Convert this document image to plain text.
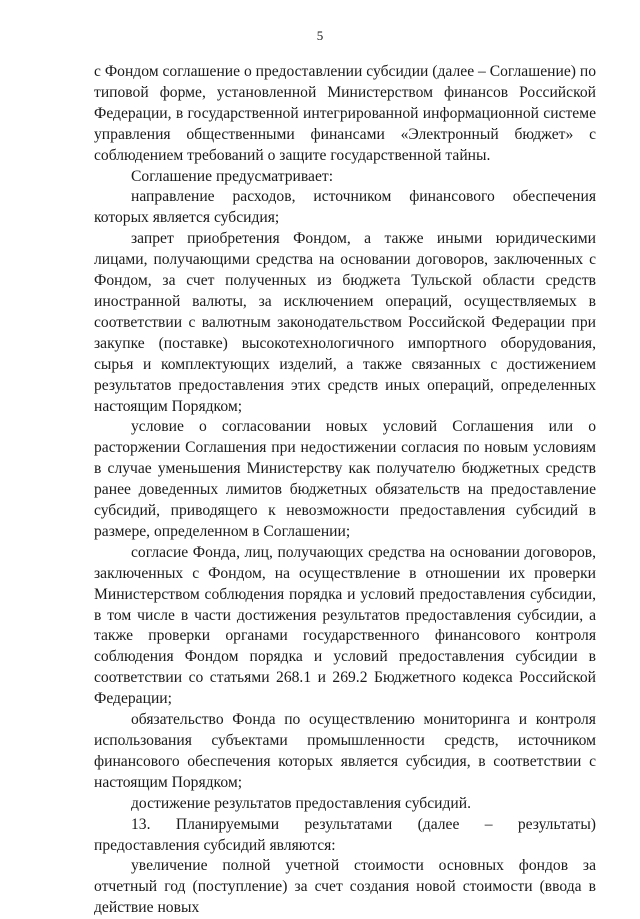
5

с Фондом соглашение о предоставлении субсидии (далее – Соглашение) по типовой форме, установленной Министерством финансов Российской Федерации, в государственной интегрированной информационной системе управления общественными финансами «Электронный бюджет» с соблюдением требований о защите государственной тайны.

Соглашение предусматривает:

направление расходов, источником финансового обеспечения которых является субсидия;

запрет приобретения Фондом, а также иными юридическими лицами, получающими средства на основании договоров, заключенных с Фондом, за счет полученных из бюджета Тульской области средств иностранной валюты, за исключением операций, осуществляемых в соответствии с валютным законодательством Российской Федерации при закупке (поставке) высокотехнологичного импортного оборудования, сырья и комплектующих изделий, а также связанных с достижением результатов предоставления этих средств иных операций, определенных настоящим Порядком;

условие о согласовании новых условий Соглашения или о расторжении Соглашения при недостижении согласия по новым условиям в случае уменьшения Министерству как получателю бюджетных средств ранее доведенных лимитов бюджетных обязательств на предоставление субсидий, приводящего к невозможности предоставления субсидий в размере, определенном в Соглашении;

согласие Фонда, лиц, получающих средства на основании договоров, заключенных с Фондом, на осуществление в отношении их проверки Министерством соблюдения порядка и условий предоставления субсидии, в том числе в части достижения результатов предоставления субсидии, а также проверки органами государственного финансового контроля соблюдения Фондом порядка и условий предоставления субсидии в соответствии со статьями 268.1 и 269.2 Бюджетного кодекса Российской Федерации;

обязательство Фонда по осуществлению мониторинга и контроля использования субъектами промышленности средств, источником финансового обеспечения которых является субсидия, в соответствии с настоящим Порядком;

достижение результатов предоставления субсидий.

13. Планируемыми результатами (далее – результаты) предоставления субсидий являются:

увеличение полной учетной стоимости основных фондов за отчетный год (поступление) за счет создания новой стоимости (ввода в действие новых
